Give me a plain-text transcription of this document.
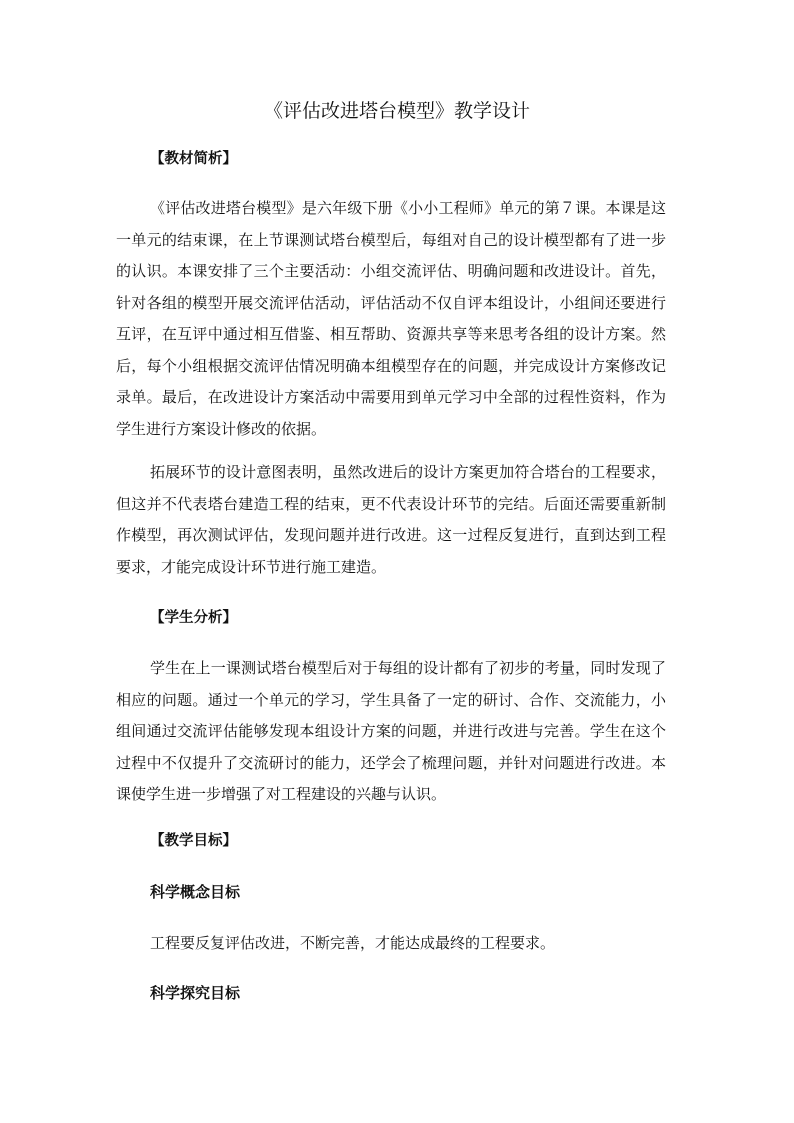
《评估改进塔台模型》教学设计
【教材简析】
《评估改进塔台模型》是六年级下册《小小工程师》单元的第７课。本课是这一单元的结束课，在上节课测试塔台模型后，每组对自己的设计模型都有了进一步的认识。本课安排了三个主要活动：小组交流评估、明确问题和改进设计。首先，针对各组的模型开展交流评估活动，评估活动不仅自评本组设计，小组间还要进行互评，在互评中通过相互借鉴、相互帮助、资源共享等来思考各组的设计方案。然后，每个小组根据交流评估情况明确本组模型存在的问题，并完成设计方案修改记录单。最后，在改进设计方案活动中需要用到单元学习中全部的过程性资料，作为学生进行方案设计修改的依据。
拓展环节的设计意图表明，虽然改进后的设计方案更加符合塔台的工程要求，但这并不代表塔台建造工程的结束，更不代表设计环节的完结。后面还需要重新制作模型，再次测试评估，发现问题并进行改进。这一过程反复进行，直到达到工程要求，才能完成设计环节进行施工建造。
【学生分析】
学生在上一课测试塔台模型后对于每组的设计都有了初步的考量，同时发现了相应的问题。通过一个单元的学习，学生具备了一定的研讨、合作、交流能力，小组间通过交流评估能够发现本组设计方案的问题，并进行改进与完善。学生在这个过程中不仅提升了交流研讨的能力，还学会了梳理问题，并针对问题进行改进。本课使学生进一步增强了对工程建设的兴趣与认识。
【教学目标】
科学概念目标
工程要反复评估改进，不断完善，才能达成最终的工程要求。
科学探究目标
